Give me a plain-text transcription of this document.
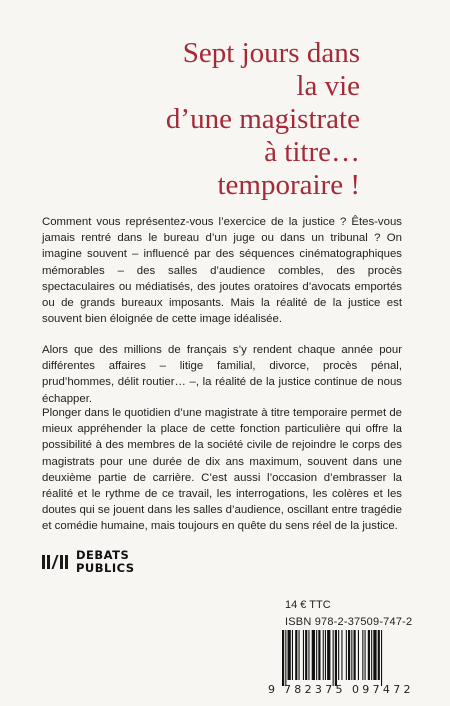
Sept jours dans
la vie
d’une magistrate
à titre…
temporaire !

Comment vous représentez-vous l’exercice de la justice ? Êtes-vous jamais rentré dans le bureau d’un juge ou dans un tribunal ? On imagine souvent – influencé par des séquences cinématographiques mémorables – des salles d’audience combles, des procès spectaculaires ou médiatisés, des joutes oratoires d’avocats emportés ou de grands bureaux imposants. Mais la réalité de la justice est souvent bien éloignée de cette image idéalisée.

Alors que des millions de français s’y rendent chaque année pour différentes affaires – litige familial, divorce, procès pénal, prud’hommes, délit routier… –, la réalité de la justice continue de nous échapper.

Plonger dans le quotidien d’une magistrate à titre temporaire permet de mieux appréhender la place de cette fonction particulière qui offre la possibilité à des membres de la société civile de rejoindre le corps des magistrats pour une durée de dix ans maximum, souvent dans une deuxième partie de carrière. C’est aussi l’occasion d’embrasser la réalité et le rythme de ce travail, les interrogations, les colères et les doutes qui se jouent dans les salles d’audience, oscillant entre tragédie et comédie humaine, mais toujours en quête du sens réel de la justice.

DEBATS
PUBLICS
14 € TTC
ISBN 978-2-37509-747-2
9 782375 097472
